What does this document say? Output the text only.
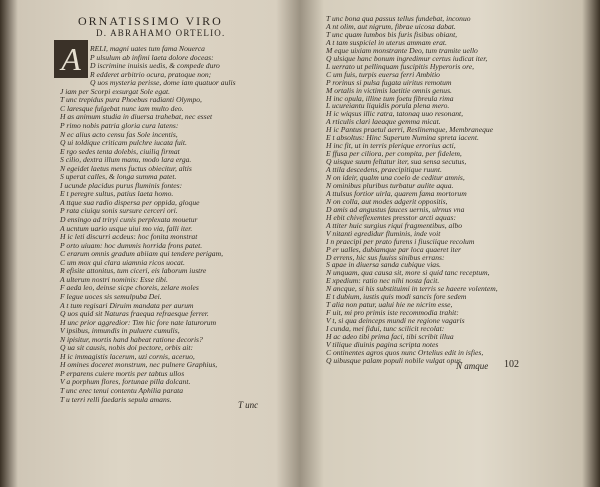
ORNATISSIMO VIRO
D. ABRAHAMO ORTELIO.
A	RELI, magni uates tum fama Nouerca
P ulsulum ab infimi laeta dolore doceas:
D iscrimine inuisis uedis, & compede duro
R edderet arbitrio ocura, pratoque non;
Q uos mysteria perisse, dome iam quatuor aulis
J iam per Scorpi exsurgat Sole egat.
T unc trepidus pura Phoebus radianti Olympo,
C laresque fulgebat nunc iam multo deo.
H as animum studia in diuersa trahebat, nec esset
P rimo nobis patria gloria cura latens:
N ec alius acto censu fas Sole incentis,
Q ui toldique criticam pulchre iucata fuit.
E rgo sedes tenta dolebis, ciuiliq firmat
S cilio, dextra illum manu, modo lara erga.
N egeidet laetus mens fuctus obiecitur, altis
S uperat calles, & longa summa patet.
I ucunde placidus purus fluminis fontes:
E t peregre sultus, patius laeta homo.
A ttque sua radio dispersa per oppida, gloque
P rata ciuiqu sonis sursure cerceri ori.
D ensingo ad triryi cunis perplexata mouetur
A ucntum uario usque uiui mo via, falli iter.
H ic leti discurri acdeus: hoc fonita monstrat
P orto uiuam: hoc dummis horrida frons patet.
C erarum omnis gradum abiiam qui tendere perigam,
C um mox qui clara uiamnia ricos uocat.
R efisite attonitus, tum ciceri, eis laborum iustre
A ulterum nostri nominis: Esse tibi.
F aeda leo, deinse sicpe choreis, zelare moles
F legue uoces sis semulpuba Dei.
A t tum regisari Diruim mandata per aurum
Q uos quid sit Naturas fraequa refraesque ferrer.
H unc prior aggredior: Tim hic fore nate laturorum
V ipsibus, inmundis in puluere cumulis,
N ipisitur, mortis hand habeat ratione decoris?
Q ua sit causis, nobis doi pectore, orbis ait:
H ic immagistis lacerum, uzi cornis, aceruo,
H omines doceret monstrum, nec pulnere Graphius,
P erparens cuiere mortis per tabtus ullos
V a porphum flores, fortunae pilla dolcant.
T unc erec tenui contentu Aphilia parata
T u terri relli faedaris sepula amans.
T unc
T unc bona qua passus tellus fundebat, inconuo
A nt olim, aut nigrum, fibrae uicosa dabat.
T unc quam lumbos bis furis fisibus obiant,
A t tam suspiciel in uterus ammam erat.
M eque uixiam monstrante Deo, tum tramite uello
Q ulsique hanc bonum ingredimur certus iudicat iter,
L uerrato ut pellinquam fuscipitis Hyperoris ore,
C um fuis, turpis euersa ferri Ambitio
P rorinus si pulsa fugata uiritus remotum
M ortalis in victimis laetitie omnis genus.
H inc opula, illine tum foetu fibreula rima
L ucureiantu liquidis porula plena mero.
H ic wiqsus illic ratra, tatonaq uuo resonant,
A rticulis clari laeaque gemma micat.
H ic Pantus praetul aerri, Reslinemque, Membraneque
E t absoltus: Hinc Superum Numina spreta iacent.
H inc fit, ut in terris plerique errorius acti,
E ffusa per ciliora, per compita, per fidelem,
Q uisque suum feltatur iter, sua sensa secutus,
A ttila descedens, praecipitique ruunt.
N on ideir, qualm una coelo de ceditur amnis,
N ominibus pluribus turbatur aulite aqua.
A ttulsus fortior uirla, quarem fama mortorum
N on colla, aut modes adgerit oppositis,
D amis ad angustus fauces uernis, ulrnus vna
H ebit chiveflexemtes presstor arcti aquas:
A ttiter huic surgius riqui fragmentibus, albo
V nitanti egredidur fluminis, inde voit
I n praecipi per prato furens i fiusciique recolum
P er ualles, dubiamque par loca quaeret iter
D errens, hic sus fuuiss sinibus errans:
S apae in diuersa sanda cubique vias.
N unquam, qua causa sit, more si quid tanc receptum,
E xpedium: ratio nec nihi nosta facit.
N ancque, si his substituimi in terris se haeere volentem,
E t dubium, iustis quis modi sancis fore sedem
T alia non patur, ualui hie ne nicrim esse,
F uit, mi pro primis iste recommodia trahit:
V t, si qua deinceps mundi ne regione vagaris
I cunda, mei fidui, tunc scilicit recolat:
H ac adeo tibi prima faci, tibi scribit illua
V tilique diuinis pagina scripta notes
C ontinentes agros quos nunc Ortelius edit in isfies,
Q uibusque palam populi nobile vulgat opus.
N amque 102
